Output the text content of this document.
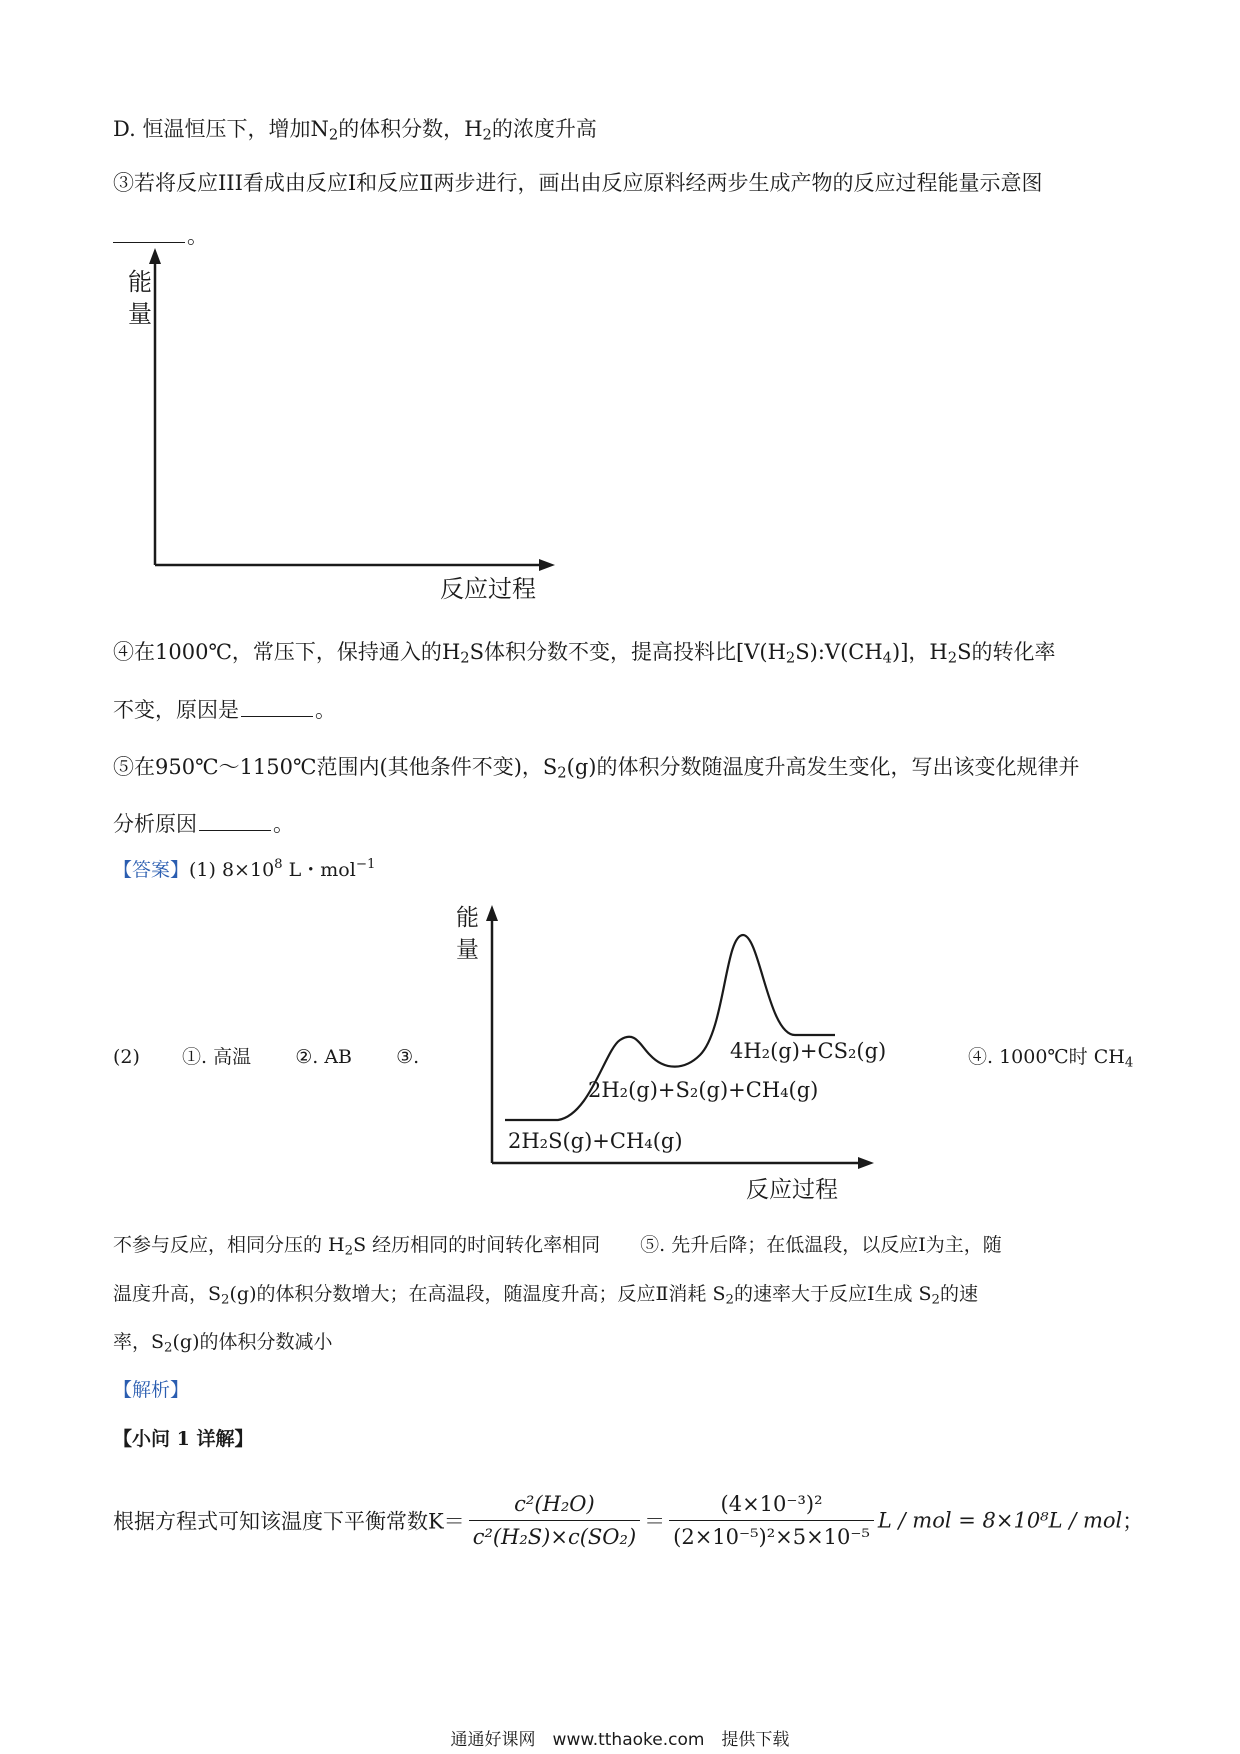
D. 恒温恒压下，增加$N_2$的体积分数，$H_2$的浓度升高
③若将反应III看成由反应Ⅰ和反应Ⅱ两步进行，画出由反应原料经两步生成产物的反应过程能量示意图
。
能
量
反应过程
④在1000℃，常压下，保持通入的$H_2S$体积分数不变，提高投料比$[V(H_2S):V(CH_4)]$，$H_2S$的转化率
不变，原因是	。
⑤在950℃～1150℃范围内(其他条件不变)，$S_2(g)$的体积分数随温度升高发生变化，写出该变化规律并
分析原因	。
【答案】(1) $8\times 10^8$ L・mol$^{-1}$
(2) ①. 高温 ②. AB ③.	④. 1000℃时 $CH_4$
能
量
反应过程
2H₂S(g)+CH₄(g)
2H₂(g)+S₂(g)+CH₄(g)
4H₂(g)+CS₂(g)
不参与反应，相同分压的 $H_2S$ 经历相同的时间转化率相同 ⑤. 先升后降；在低温段，以反应Ⅰ为主，随
温度升高，$S_2(g)$的体积分数增大；在高温段，随温度升高；反应Ⅱ消耗 $S_2$的速率大于反应Ⅰ生成 $S_2$的速
率，$S_2(g)$的体积分数减小
【解析】
【小问 1 详解】
根据方程式可知该温度下平衡常数$K= \frac{\text{c²(H₂O)}}{\text{c²(H₂S)×c(SO₂)}} = \frac{\text{(4×10⁻³)²}}{\text{(2×10⁻⁵)²×5×10⁻⁵}}$ L / mol = 8×10⁸L / mol；
通通好课网　www.tthaoke.com　提供下载
